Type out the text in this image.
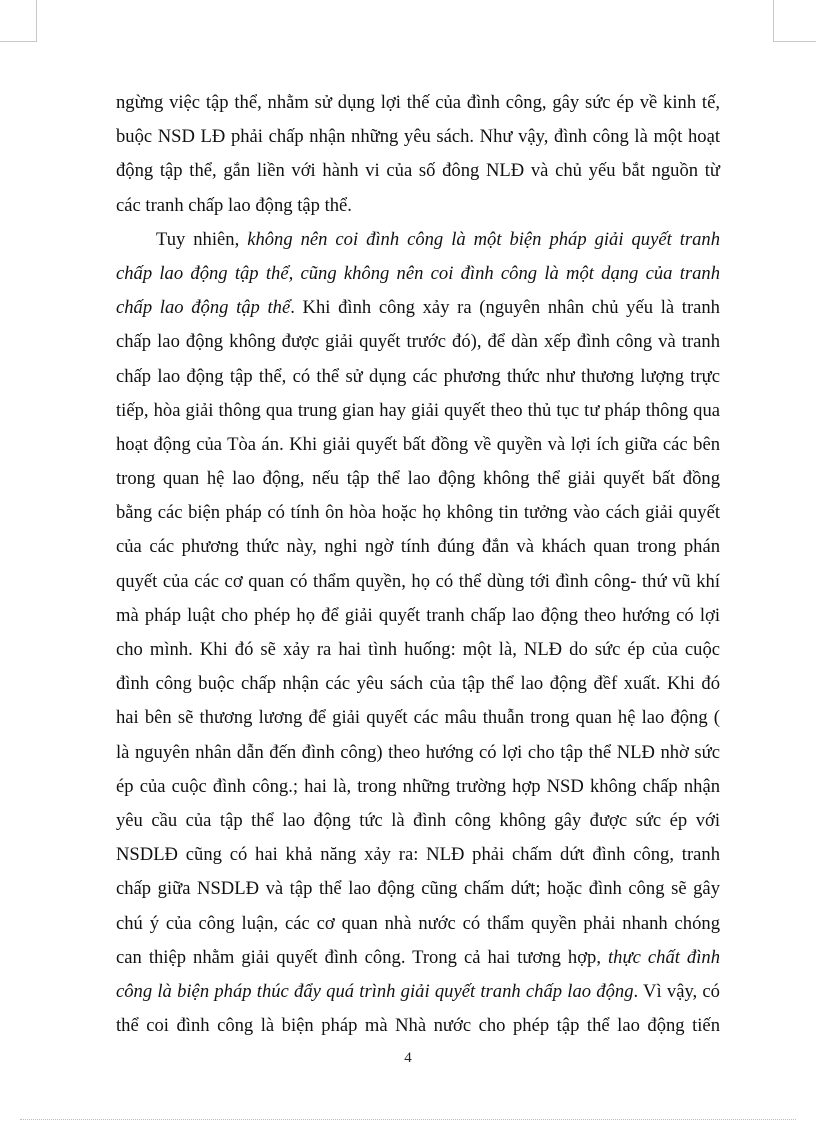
ngừng việc tập thể, nhằm sử dụng lợi thế của đình công, gây sức ép về kinh tế,
buộc NSD LĐ phải chấp nhận những yêu sách. Như vậy, đình công là một hoạt
động tập thể, gắn liền với hành vi của số đông NLĐ và chủ yếu bắt nguồn từ
các tranh chấp lao động tập thể.
Tuy nhiên, không nên coi đình công là một biện pháp giải quyết tranh
chấp lao động tập thể, cũng không nên coi đình công là một dạng của tranh
chấp lao động tập thể. Khi đình công xảy ra (nguyên nhân chủ yếu là tranh
chấp lao động không được giải quyết trước đó), để dàn xếp đình công và tranh
chấp lao động tập thể, có thể sử dụng các phương thức như thương lượng trực
tiếp, hòa giải thông qua trung gian hay giải quyết theo thủ tục tư pháp thông qua
hoạt động của Tòa án. Khi giải quyết bất đồng về quyền và lợi ích giữa các bên
trong quan hệ lao động, nếu tập thể lao động không thể giải quyết bất đồng
bằng các biện pháp có tính ôn hòa hoặc họ không tin tưởng vào cách giải quyết
của các phương thức này, nghi ngờ tính đúng đắn và khách quan trong phán
quyết của các cơ quan có thẩm quyền, họ có thể dùng tới đình công- thứ vũ khí
mà pháp luật cho phép họ để giải quyết tranh chấp lao động theo hướng có lợi
cho mình. Khi đó sẽ xảy ra hai tình huống: một là, NLĐ do sức ép của cuộc
đình công buộc chấp nhận các yêu sách của tập thể lao động đềf xuất. Khi đó
hai bên sẽ thương lương để giải quyết các mâu thuẫn trong quan hệ lao động (
là nguyên nhân dẫn đến đình công) theo hướng có lợi cho tập thể NLĐ nhờ sức
ép của cuộc đình công.; hai là, trong những trường hợp NSD không chấp nhận
yêu cầu của tập thể lao động tức là đình công không gây được sức ép với
NSDLĐ cũng có hai khả năng xảy ra: NLĐ phải chấm dứt đình công, tranh
chấp giữa NSDLĐ và tập thể lao động cũng chấm dứt; hoặc đình công sẽ gây
chú ý của công luận, các cơ quan nhà nước có thẩm quyền phải nhanh chóng
can thiệp nhằm giải quyết đình công. Trong cả hai tương hợp, thực chất đình
công là biện pháp thúc đẩy quá trình giải quyết tranh chấp lao động. Vì vậy, có
thể coi đình công là biện pháp mà Nhà nước cho phép tập thể lao động tiến
4
